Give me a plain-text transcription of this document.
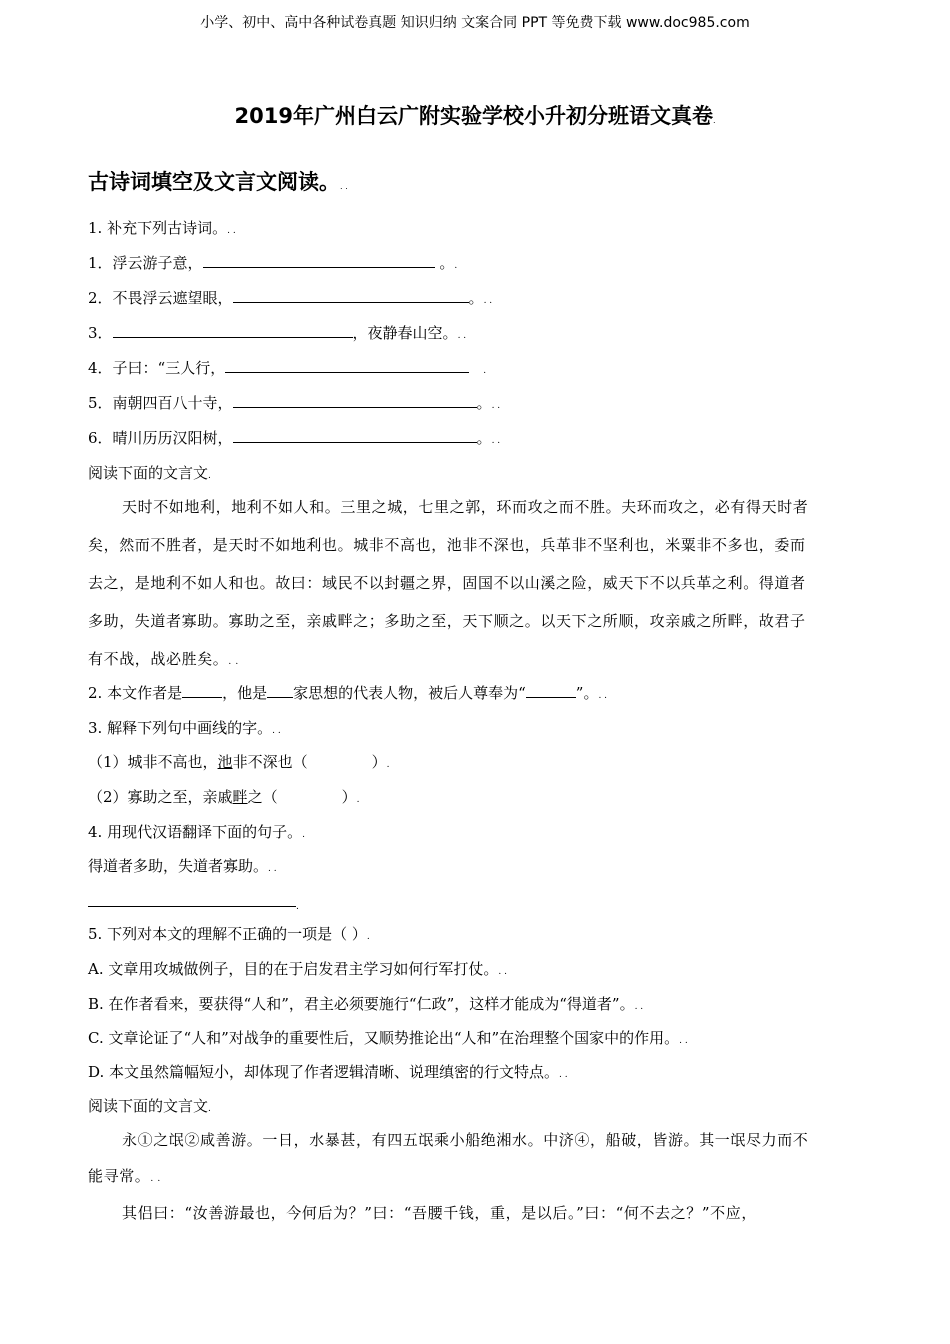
小学、初中、高中各种试卷真题 知识归纳 文案合同 PPT 等免费下载 www.doc985.com
2019年广州白云广附实验学校小升初分班语文真卷.
古诗词填空及文言文阅读。. .
1. 补充下列古诗词。. .
1．浮云游子意，	。.
2．不畏浮云遮望眼，	。. .
3．	，夜静春山空。. .
4．子曰：“三人行，	.
5．南朝四百八十寺，	。. .
6．晴川历历汉阳树，	。. .
阅读下面的文言文.
天时不如地利，地利不如人和。三里之城，七里之郭，环而攻之而不胜。夫环而攻之，必有得天时者
矣，然而不胜者，是天时不如地利也。城非不高也，池非不深也，兵革非不坚利也，米粟非不多也，委而
去之，是地利不如人和也。故曰：域民不以封疆之界，固国不以山溪之险，威天下不以兵革之利。得道者
多助，失道者寡助。寡助之至，亲戚畔之；多助之至，天下顺之。以天下之所顺，攻亲戚之所畔，故君子
有不战，战必胜矣。. .
2. 本文作者是	，他是 家思想的代表人物，被后人尊奉为“	”。. .
3. 解释下列句中画线的字。. .
（1）城非不高也，池非不深也（	）.
（2）寡助之至，亲戚畔之（	）.
4. 用现代汉语翻译下面的句子。.
得道者多助，失道者寡助。. .
.
5. 下列对本文的理解不正确的一项是（ ）.
A. 文章用攻城做例子，目的在于启发君主学习如何行军打仗。. .
B. 在作者看来，要获得“人和”，君主必须要施行“仁政”，这样才能成为“得道者”。. .
C. 文章论证了“人和”对战争的重要性后，又顺势推论出“人和”在治理整个国家中的作用。. .
D. 本文虽然篇幅短小，却体现了作者逻辑清晰、说理缜密的行文特点。. .
阅读下面的文言文.
永①之氓②咸善游。一日，水暴甚，有四五氓乘小船绝湘水。中济④，船破，皆游。其一氓尽力而不
能寻常。. .
其侣曰：“汝善游最也，今何后为？”曰：“吾腰千钱，重，是以后。”曰：“何不去之？”不应，
